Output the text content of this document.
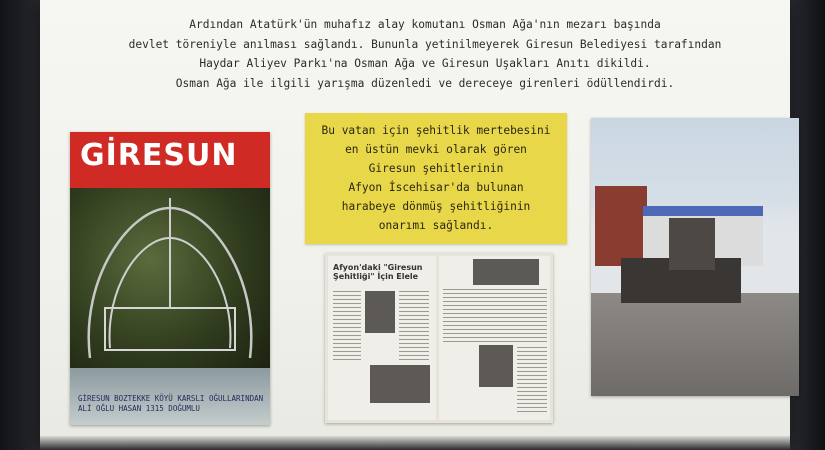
Ardından Atatürk'ün muhafız alay komutanı Osman Ağa'nın mezarı başında

devlet töreniyle anılması sağlandı. Bununla yetinilmeyerek Giresun Belediyesi tarafından

Haydar Aliyev Parkı'na Osman Ağa ve Giresun Uşakları Anıtı dikildi.

Osman Ağa ile ilgili yarışma düzenledi ve dereceye girenleri ödüllendirdi.

GİRESUN
GİRESUN BOZTEKKE KÖYÜ KARSLI OĞULLARINDAN
ALİ OĞLU HASAN 1315 DOĞUMLU

Bu vatan için şehitlik mertebesini

en üstün mevki olarak gören

Giresun şehitlerinin

Afyon İscehisar'da bulunan

harabeye dönmüş şehitliğinin

onarımı sağlandı.

Afyon'daki "Giresun Şehitliği" İçin Elele
